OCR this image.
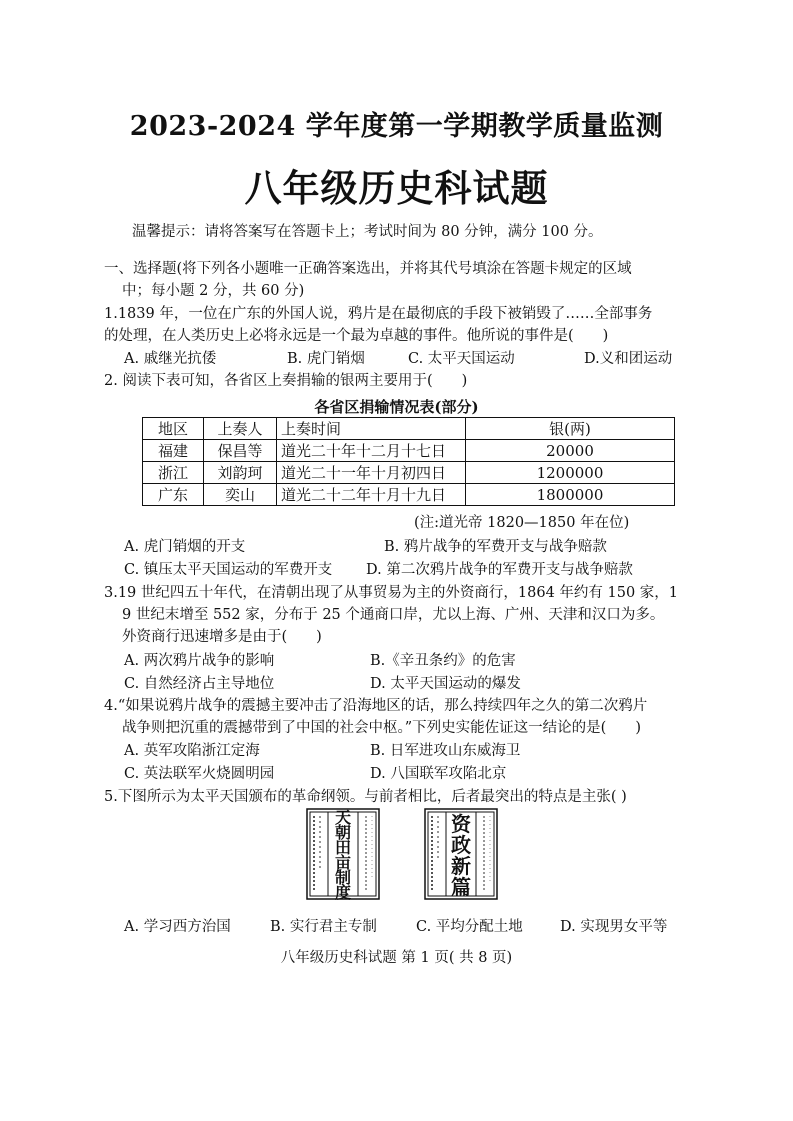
2023-2024 学年度第一学期教学质量监测
八年级历史科试题
温馨提示：请将答案写在答题卡上；考试时间为 80 分钟，满分 100 分。
一、选择题(将下列各小题唯一正确答案选出，并将其代号填涂在答题卡规定的区域
中；每小题 2 分，共 60 分)
1.1839 年，一位在广东的外国人说，鸦片是在最彻底的手段下被销毁了……全部事务
的处理，在人类历史上必将永远是一个最为卓越的事件。他所说的事件是(　　)
A. 戚继光抗倭	B. 虎门销烟	C. 太平天国运动	D.义和团运动
2. 阅读下表可知，各省区上奏捐输的银两主要用于(　　)
各省区捐输情况表(部分)
地区	上奏人	上奏时间	银(两)
福建	保昌等	道光二十年十二月十七日	20000
浙江	刘韵珂	道光二十一年十月初四日	1200000
广东	奕山	道光二十二年十月十九日	1800000
(注:道光帝 1820—1850 年在位)
A. 虎门销烟的开支	B. 鸦片战争的军费开支与战争赔款
C. 镇压太平天国运动的军费开支 D. 第二次鸦片战争的军费开支与战争赔款
3.19 世纪四五十年代，在清朝出现了从事贸易为主的外资商行，1864 年约有 150 家，1
9 世纪末增至 552 家，分布于 25 个通商口岸，尤以上海、广州、天津和汉口为多。
外资商行迅速增多是由于(　　)
A. 两次鸦片战争的影响	B.《辛丑条约》的危害
C. 自然经济占主导地位	D. 太平天国运动的爆发
4.“如果说鸦片战争的震撼主要冲击了沿海地区的话，那么持续四年之久的第二次鸦片
战争则把沉重的震撼带到了中国的社会中枢。”下列史实能佐证这一结论的是(　　)
A. 英军攻陷浙江定海	B. 日军进攻山东威海卫
C. 英法联军火烧圆明园	D. 八国联军攻陷北京
5.下图所示为太平天国颁布的革命纲领。与前者相比，后者最突出的特点是主张( )
天朝田亩制度
资政新篇
A. 学习西方治国	B. 实行君主专制	C. 平均分配土地	D. 实现男女平等
八年级历史科试题 第 1 页( 共 8 页)
